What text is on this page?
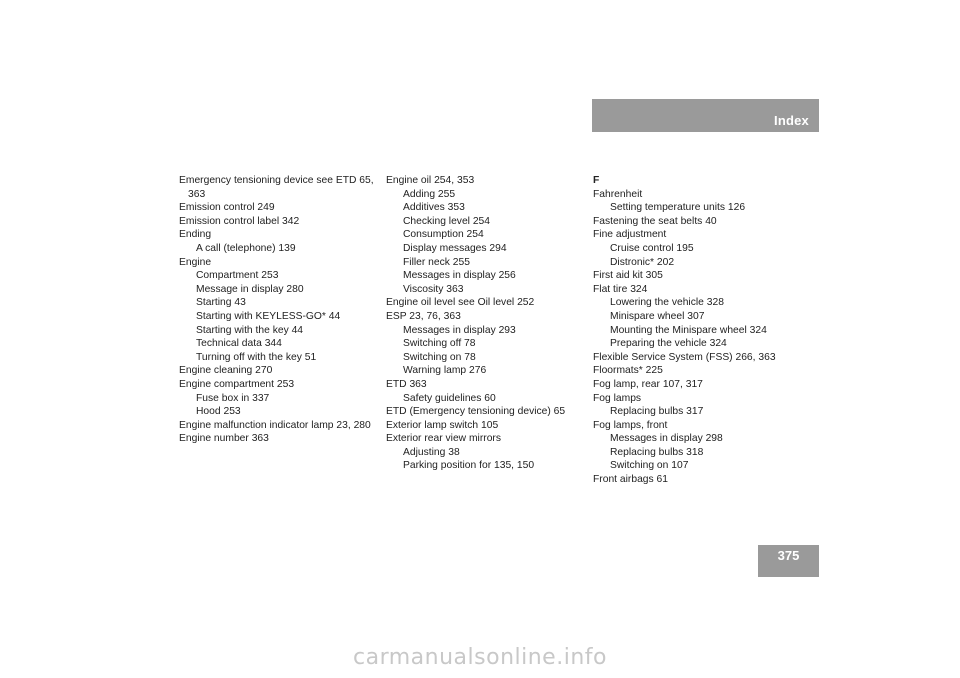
Index
Emergency tensioning device see ETD 65,
363
Emission control 249
Emission control label 342
Ending
A call (telephone) 139
Engine
Compartment 253
Message in display 280
Starting 43
Starting with KEYLESS-GO* 44
Starting with the key 44
Technical data 344
Turning off with the key 51
Engine cleaning 270
Engine compartment 253
Fuse box in 337
Hood 253
Engine malfunction indicator lamp 23, 280
Engine number 363
Engine oil 254, 353
Adding 255
Additives 353
Checking level 254
Consumption 254
Display messages 294
Filler neck 255
Messages in display 256
Viscosity 363
Engine oil level see Oil level 252
ESP 23, 76, 363
Messages in display 293
Switching off 78
Switching on 78
Warning lamp 276
ETD 363
Safety guidelines 60
ETD (Emergency tensioning device) 65
Exterior lamp switch 105
Exterior rear view mirrors
Adjusting 38
Parking position for 135, 150
F
Fahrenheit
Setting temperature units 126
Fastening the seat belts 40
Fine adjustment
Cruise control 195
Distronic* 202
First aid kit 305
Flat tire 324
Lowering the vehicle 328
Minispare wheel 307
Mounting the Minispare wheel 324
Preparing the vehicle 324
Flexible Service System (FSS) 266, 363
Floormats* 225
Fog lamp, rear 107, 317
Fog lamps
Replacing bulbs 317
Fog lamps, front
Messages in display 298
Replacing bulbs 318
Switching on 107
Front airbags 61
375
carmanualsonline.info
